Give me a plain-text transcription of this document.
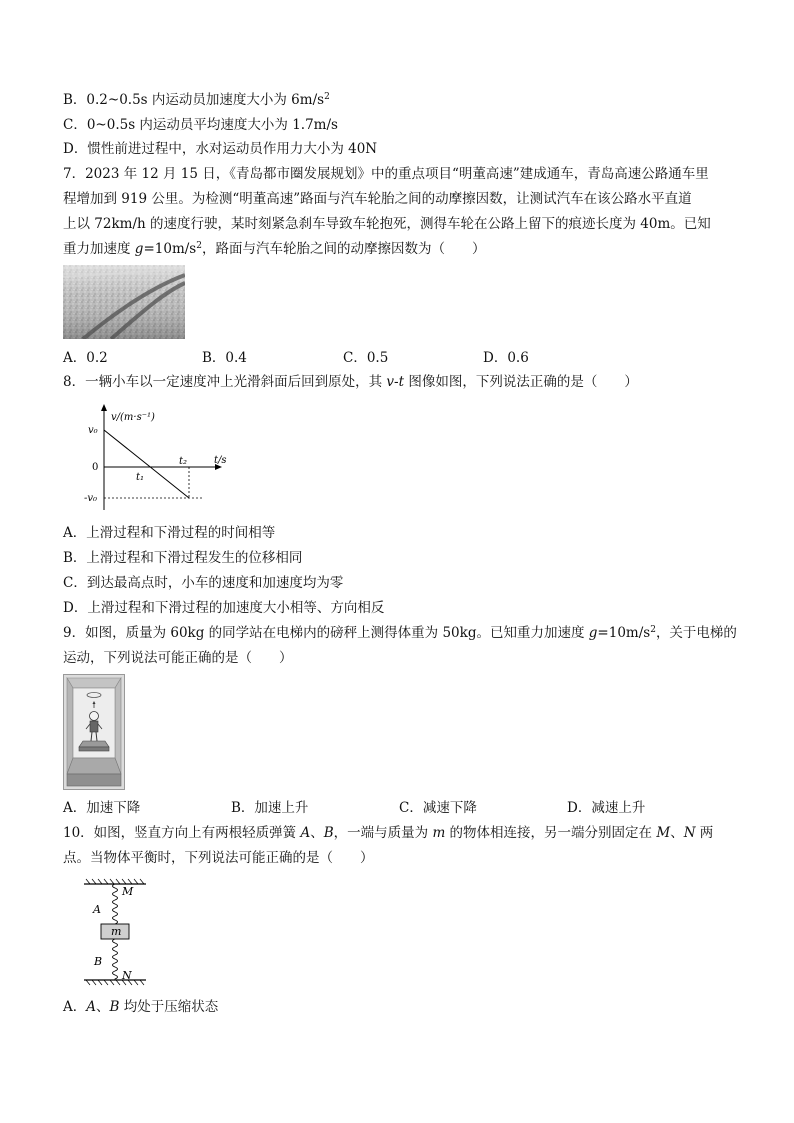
B．0.2~0.5s 内运动员加速度大小为 $6m/s^2$
C．0~0.5s 内运动员平均速度大小为 1.7m/s
D．惯性前进过程中，水对运动员作用力大小为 40N
7．2023 年 12 月 15 日，《青岛都市圈发展规划》中的重点项目“明董高速”建成通车，青岛高速公路通车里
程增加到 919 公里。为检测“明董高速”路面与汽车轮胎之间的动摩擦因数，让测试汽车在该公路水平直道
上以 72km/h 的速度行驶，某时刻紧急刹车导致车轮抱死，测得车轮在公路上留下的痕迹长度为 40m。已知
重力加速度 $g=10m/s^2$，路面与汽车轮胎之间的动摩擦因数为（　　）
A．0.2	B．0.4	C．0.5	D．0.6
8．一辆小车以一定速度冲上光滑斜面后回到原处，其 v-t 图像如图，下列说法正确的是（　　）
v/(m·s⁻¹)
v₀
0
-v₀
t₁
t₂	t/s
A．上滑过程和下滑过程的时间相等
B．上滑过程和下滑过程发生的位移相同
C．到达最高点时，小车的速度和加速度均为零
D．上滑过程和下滑过程的加速度大小相等、方向相反
9．如图，质量为 60kg 的同学站在电梯内的磅秤上测得体重为 50kg。已知重力加速度 $g=10m/s^2$，关于电梯的
运动，下列说法可能正确的是（　　）
A．加速下降	B．加速上升	C．减速下降	D．减速上升
10．如图，竖直方向上有两根轻质弹簧 A、B，一端与质量为 m 的物体相连接，另一端分别固定在 M、N 两
点。当物体平衡时，下列说法可能正确的是（　　）
m
M
A
B
N
A．A、B 均处于压缩状态
